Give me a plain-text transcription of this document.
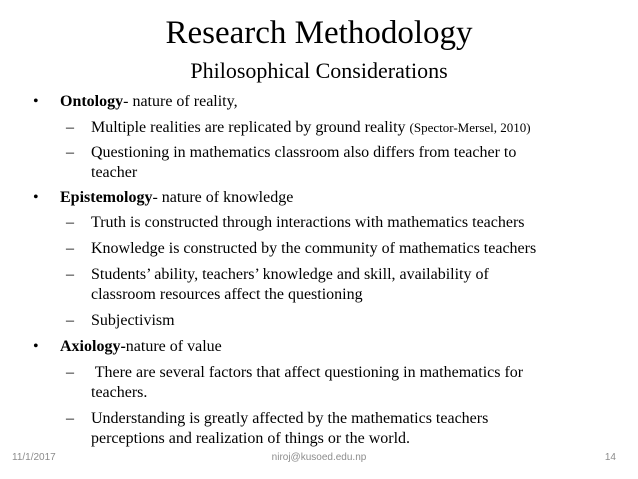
Research Methodology
Philosophical Considerations
• Ontology- nature of reality,
– Multiple realities are replicated by ground reality (Spector-Mersel, 2010)
– Questioning in mathematics classroom also differs from teacher to
teacher
• Epistemology- nature of knowledge
– Truth is constructed through interactions with mathematics teachers
– Knowledge is constructed by the community of mathematics teachers
– Students’ ability, teachers’ knowledge and skill, availability of
classroom resources affect the questioning
– Subjectivism
• Axiology-nature of value
– There are several factors that affect questioning in mathematics for
teachers.
– Understanding is greatly affected by the mathematics teachers
perceptions and realization of things or the world.
11/1/2017	niroj@kusoed.edu.np	14
